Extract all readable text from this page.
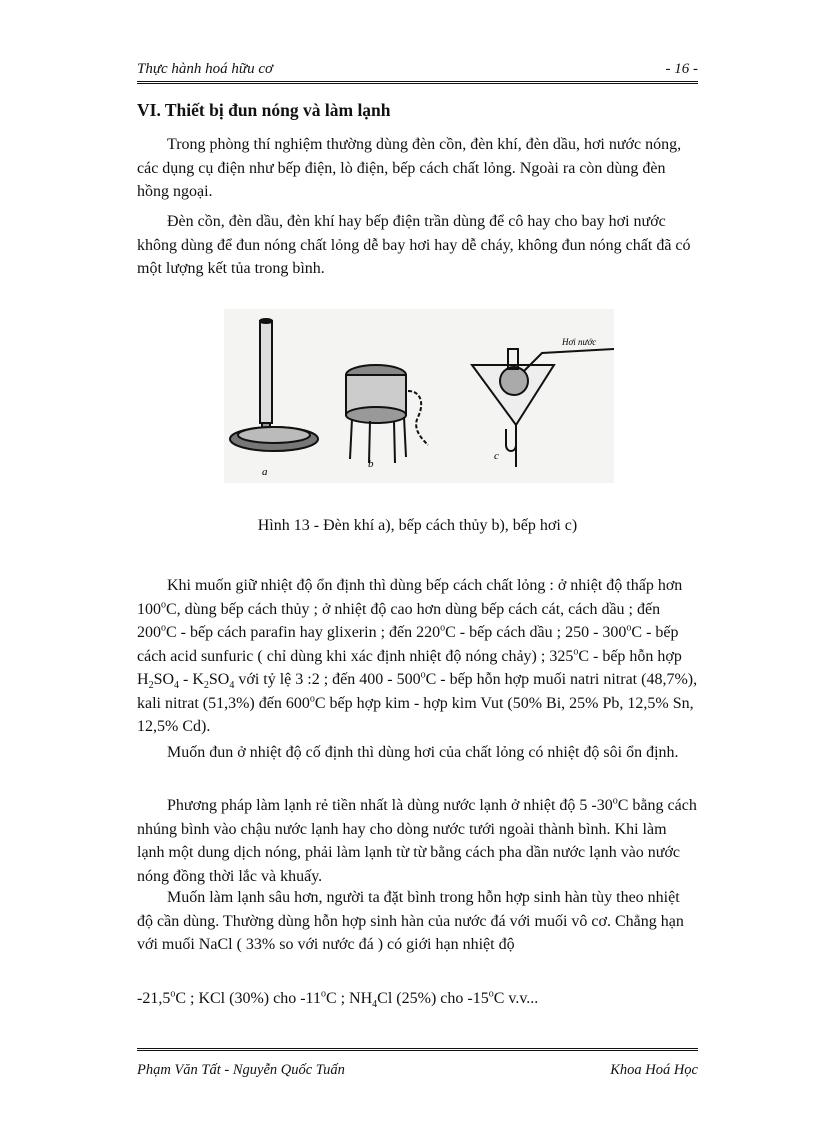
Thực hành hoá hữu cơ	- 16 -
VI. Thiết bị đun nóng và làm lạnh

Trong phòng thí nghiệm thường dùng đèn cồn, đèn khí, đèn dầu, hơi nước nóng, các dụng cụ điện như bếp điện, lò điện, bếp cách chất lỏng. Ngoài ra còn dùng đèn hồng ngoại.

Đèn cồn, đèn dầu, đèn khí hay bếp điện trần dùng để cô hay cho bay hơi nước không dùng để đun nóng chất lỏng dễ bay hơi hay dễ cháy, không đun nóng chất đã có một lượng kết tủa trong bình.

a
b
Hơi nước
c
Hình 13 - Đèn khí a), bếp cách thủy b), bếp hơi c)

Khi muốn giữ nhiệt độ ổn định thì dùng bếp cách chất lỏng : ở nhiệt độ thấp hơn 100$^o$C, dùng bếp cách thủy ; ở nhiệt độ cao hơn dùng bếp cách cát, cách dầu ; đến 200$^o$C - bếp cách parafin hay glixerin ; đến 220$^o$C - bếp cách dầu ; 250 - 300$^o$C - bếp cách acid sunfuric ( chỉ dùng khi xác định nhiệt độ nóng chảy) ; 325$^o$C - bếp hỗn hợp $H_2SO_4 - K_2SO_4$ với tỷ lệ 3 :2 ; đến 400 - 500$^o$C - bếp hỗn hợp muối natri nitrat (48,7%), kali nitrat (51,3%) đến 600$^o$C bếp hợp kim - hợp kim Vut (50% Bi, 25% Pb, 12,5% Sn, 12,5% Cd).

Muốn đun ở nhiệt độ cố định thì dùng hơi của chất lỏng có nhiệt độ sôi ổn định.

Phương pháp làm lạnh rẻ tiền nhất là dùng nước lạnh ở nhiệt độ 5 -30$^o$C bằng cách nhúng bình vào chậu nước lạnh hay cho dòng nước tưới ngoài thành bình. Khi làm lạnh một dung dịch nóng, phải làm lạnh từ từ bằng cách pha dần nước lạnh vào nước nóng đồng thời lắc và khuấy.

Muốn làm lạnh sâu hơn, người ta đặt bình trong hỗn hợp sinh hàn tùy theo nhiệt độ cần dùng. Thường dùng hỗn hợp sinh hàn của nước đá với muối vô cơ. Chẳng hạn với muối NaCl ( 33% so với nước đá ) có giới hạn nhiệt độ

-21,5$^o$C ; KCl (30%) cho -11$^o$C ; $NH_4Cl$ (25%) cho -15$^o$C v.v...
Phạm Văn Tất - Nguyễn Quốc Tuấn	Khoa Hoá Học
